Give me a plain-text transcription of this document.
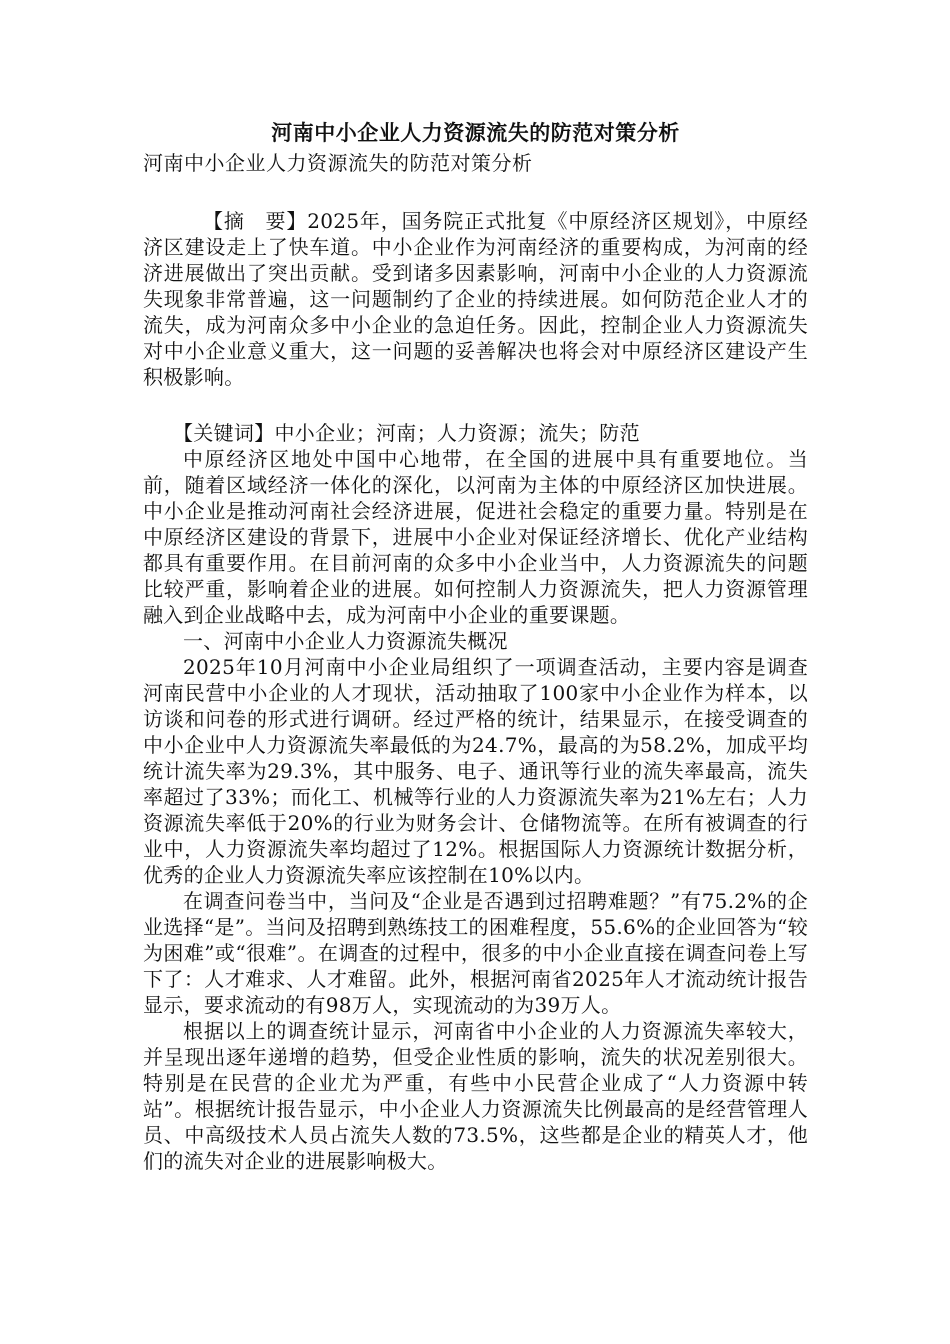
河南中小企业人力资源流失的防范对策分析

河南中小企业人力资源流失的防范对策分析

【摘　要】2025年，国务院正式批复《中原经济区规划》，中原经济区建设走上了快车道。中小企业作为河南经济的重要构成，为河南的经济进展做出了突出贡献。受到诸多因素影响，河南中小企业的人力资源流失现象非常普遍，这一问题制约了企业的持续进展。如何防范企业人才的流失，成为河南众多中小企业的急迫任务。因此，控制企业人力资源流失对中小企业意义重大，这一问题的妥善解决也将会对中原经济区建设产生积极影响。

【关键词】中小企业；河南；人力资源；流失；防范

中原经济区地处中国中心地带，在全国的进展中具有重要地位。当前，随着区域经济一体化的深化，以河南为主体的中原经济区加快进展。中小企业是推动河南社会经济进展，促进社会稳定的重要力量。特别是在中原经济区建设的背景下，进展中小企业对保证经济增长、优化产业结构都具有重要作用。在目前河南的众多中小企业当中，人力资源流失的问题比较严重，影响着企业的进展。如何控制人力资源流失，把人力资源管理融入到企业战略中去，成为河南中小企业的重要课题。

一、河南中小企业人力资源流失概况

2025年10月河南中小企业局组织了一项调查活动，主要内容是调查河南民营中小企业的人才现状，活动抽取了100家中小企业作为样本，以访谈和问卷的形式进行调研。经过严格的统计，结果显示，在接受调查的中小企业中人力资源流失率最低的为24.7%，最高的为58.2%，加成平均统计流失率为29.3%，其中服务、电子、通讯等行业的流失率最高，流失率超过了33%；而化工、机械等行业的人力资源流失率为21%左右；人力资源流失率低于20%的行业为财务会计、仓储物流等。在所有被调查的行业中，人力资源流失率均超过了12%。根据国际人力资源统计数据分析，优秀的企业人力资源流失率应该控制在10%以内。

在调查问卷当中，当问及“企业是否遇到过招聘难题？”有75.2%的企业选择“是”。当问及招聘到熟练技工的困难程度，55.6%的企业回答为“较为困难”或“很难”。在调查的过程中，很多的中小企业直接在调查问卷上写下了：人才难求、人才难留。此外，根据河南省2025年人才流动统计报告显示，要求流动的有98万人，实现流动的为39万人。

根据以上的调查统计显示，河南省中小企业的人力资源流失率较大，并呈现出逐年递增的趋势，但受企业性质的影响，流失的状况差别很大。特别是在民营的企业尤为严重，有些中小民营企业成了“人力资源中转站”。根据统计报告显示，中小企业人力资源流失比例最高的是经营管理人员、中高级技术人员占流失人数的73.5%，这些都是企业的精英人才，他们的流失对企业的进展影响极大。
